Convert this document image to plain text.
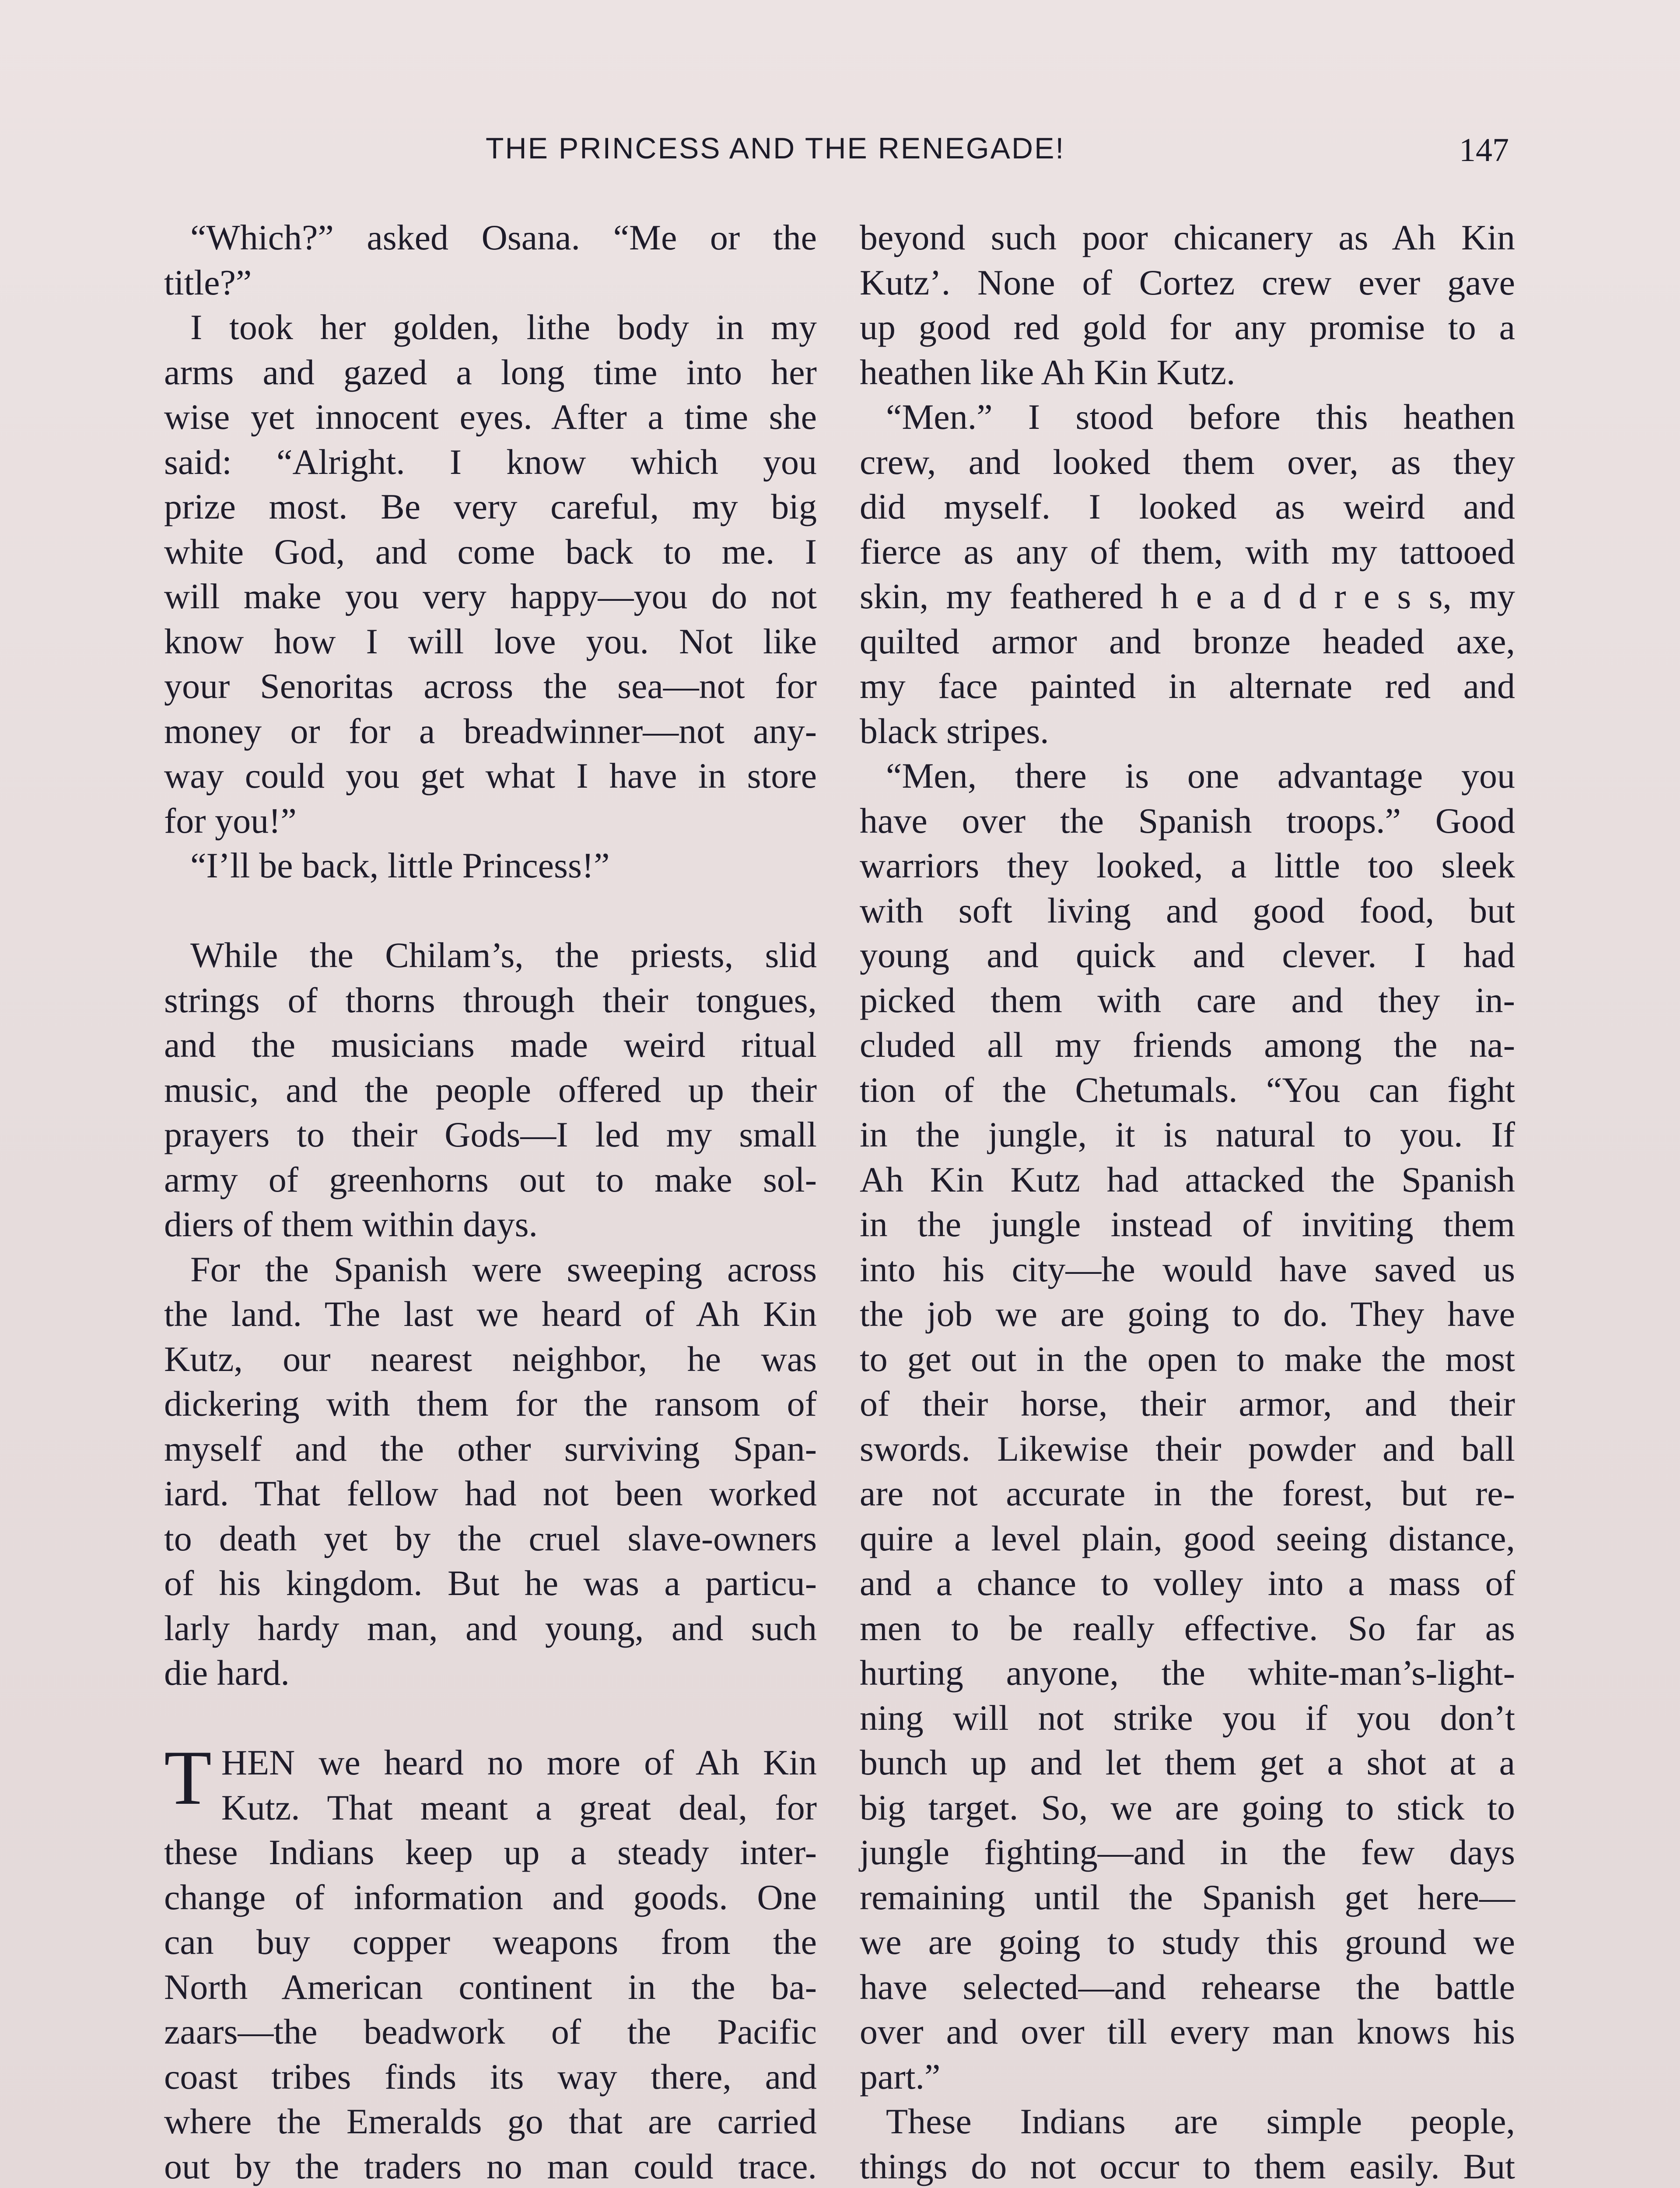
THE PRINCESS AND THE RENEGADE!	147
“Which?” asked Osana. “Me or the
title?”
I took her golden, lithe body in my
arms and gazed a long time into her
wise yet innocent eyes. After a time she
said: “Alright. I know which you
prize most. Be very careful, my big
white God, and come back to me. I
will make you very happy—you do not
know how I will love you. Not like
your Senoritas across the sea—not for
money or for a breadwinner—not any-
way could you get what I have in store
for you!”
“I’ll be back, little Princess!”
While the Chilam’s, the priests, slid
strings of thorns through their tongues,
and the musicians made weird ritual
music, and the people offered up their
prayers to their Gods—I led my small
army of greenhorns out to make sol-
diers of them within days.
For the Spanish were sweeping across
the land. The last we heard of Ah Kin
Kutz, our nearest neighbor, he was
dickering with them for the ransom of
myself and the other surviving Span-
iard. That fellow had not been worked
to death yet by the cruel slave-owners
of his kingdom. But he was a particu-
larly hardy man, and young, and such
die hard.
T HEN we heard no more of Ah Kin
Kutz. That meant a great deal, for
these Indians keep up a steady inter-
change of information and goods. One
can buy copper weapons from the
North American continent in the ba-
zaars—the beadwork of the Pacific
coast tribes finds its way there, and
where the Emeralds go that are carried
out by the traders no man could trace.
beyond such poor chicanery as Ah Kin
Kutz’. None of Cortez crew ever gave
up good red gold for any promise to a
heathen like Ah Kin Kutz.
“Men.” I stood before this heathen
crew, and looked them over, as they
did myself. I looked as weird and
fierce as any of them, with my tattooed
skin, my feathered h e a d d r e s s, my
quilted armor and bronze headed axe,
my face painted in alternate red and
black stripes.
“Men, there is one advantage you
have over the Spanish troops.” Good
warriors they looked, a little too sleek
with soft living and good food, but
young and quick and clever. I had
picked them with care and they in-
cluded all my friends among the na-
tion of the Chetumals. “You can fight
in the jungle, it is natural to you. If
Ah Kin Kutz had attacked the Spanish
in the jungle instead of inviting them
into his city—he would have saved us
the job we are going to do. They have
to get out in the open to make the most
of their horse, their armor, and their
swords. Likewise their powder and ball
are not accurate in the forest, but re-
quire a level plain, good seeing distance,
and a chance to volley into a mass of
men to be really effective. So far as
hurting anyone, the white-man’s-light-
ning will not strike you if you don’t
bunch up and let them get a shot at a
big target. So, we are going to stick to
jungle fighting—and in the few days
remaining until the Spanish get here—
we are going to study this ground we
have selected—and rehearse the battle
over and over till every man knows his
part.”
These Indians are simple people,
things do not occur to them easily. But
